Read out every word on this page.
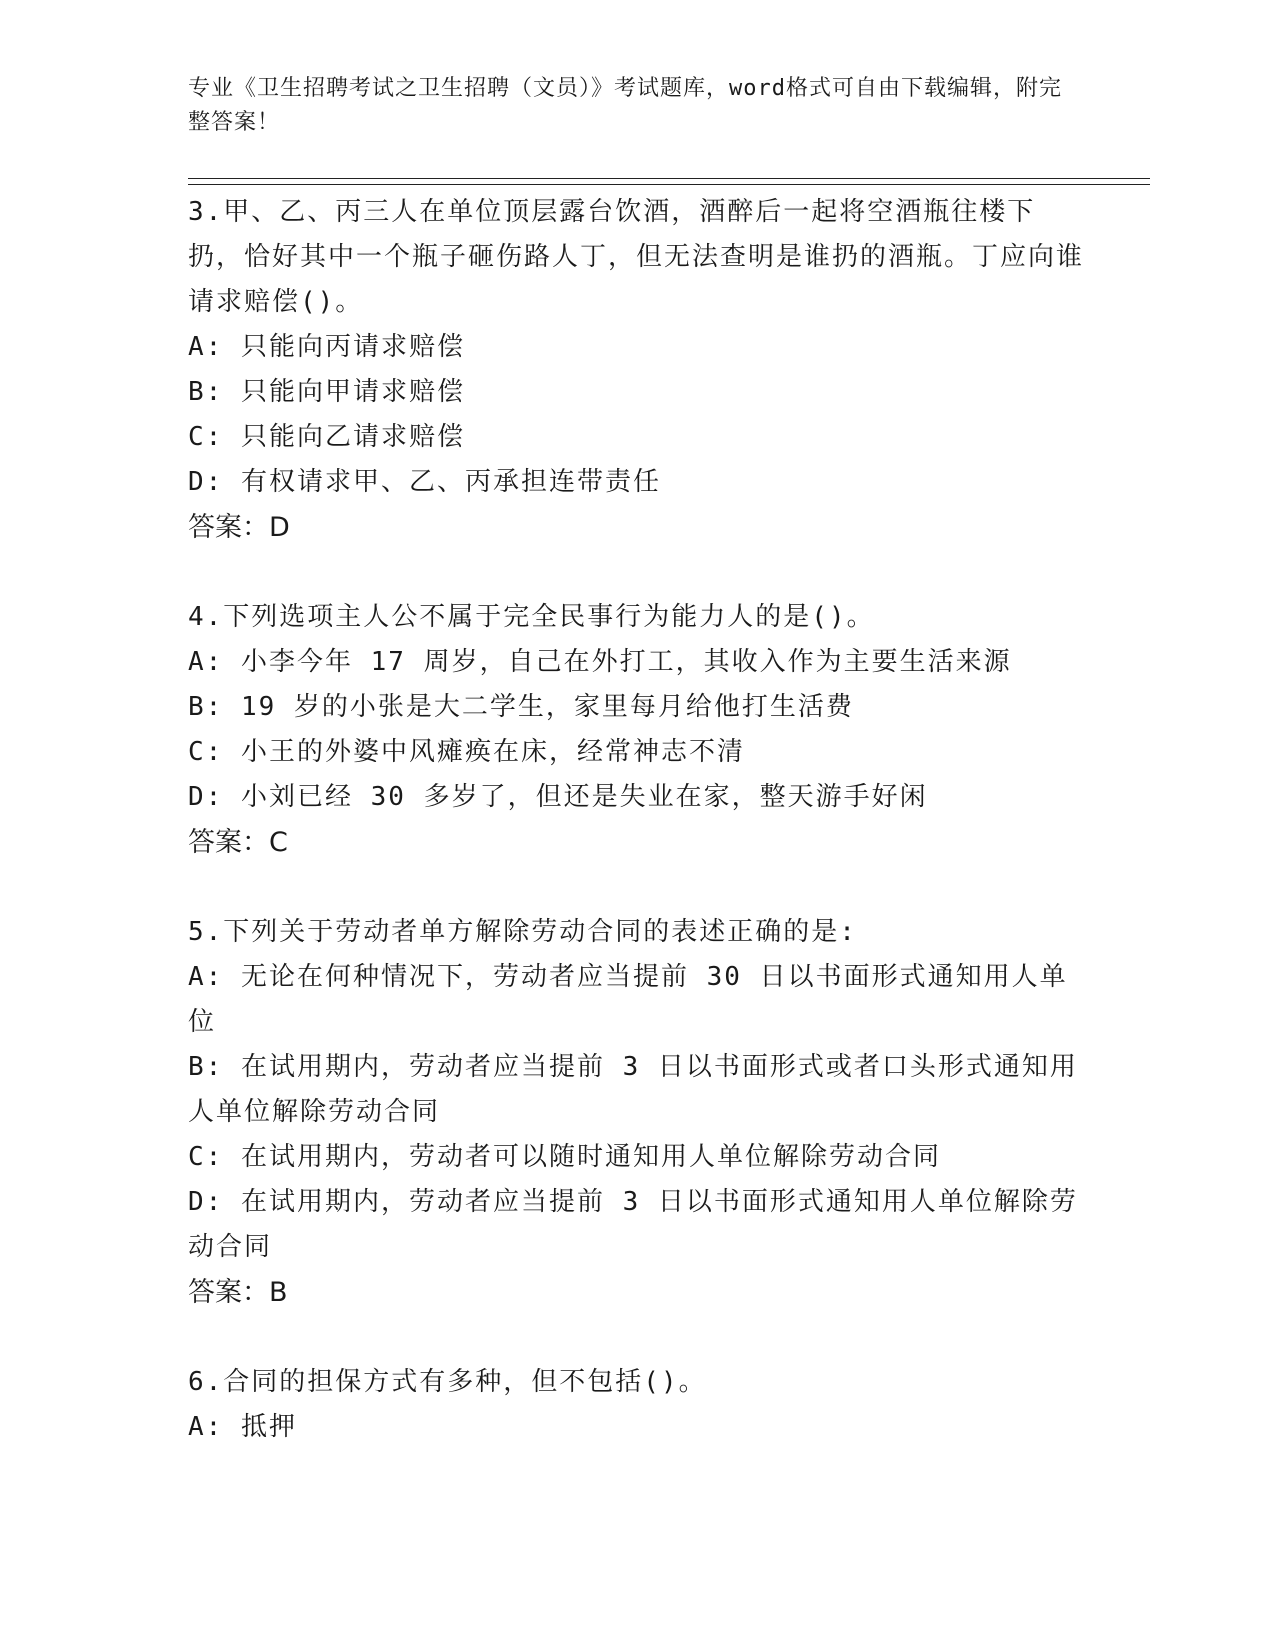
专业《卫生招聘考试之卫生招聘（文员）》考试题库，word格式可自由下载编辑，附完整答案！
3.甲、乙、丙三人在单位顶层露台饮酒，酒醉后一起将空酒瓶往楼下扔，恰好其中一个瓶子砸伤路人丁，但无法查明是谁扔的酒瓶。丁应向谁请求赔偿()。
A: 只能向丙请求赔偿
B: 只能向甲请求赔偿
C: 只能向乙请求赔偿
D: 有权请求甲、乙、丙承担连带责任
答案：D
4.下列选项主人公不属于完全民事行为能力人的是()。
A: 小李今年 17 周岁，自己在外打工，其收入作为主要生活来源
B: 19 岁的小张是大二学生，家里每月给他打生活费
C: 小王的外婆中风瘫痪在床，经常神志不清
D: 小刘已经 30 多岁了，但还是失业在家，整天游手好闲
答案：C
5.下列关于劳动者单方解除劳动合同的表述正确的是:
A: 无论在何种情况下，劳动者应当提前 30 日以书面形式通知用人单位
B: 在试用期内，劳动者应当提前 3 日以书面形式或者口头形式通知用人单位解除劳动合同
C: 在试用期内，劳动者可以随时通知用人单位解除劳动合同
D: 在试用期内，劳动者应当提前 3 日以书面形式通知用人单位解除劳动合同
答案：B
6.合同的担保方式有多种，但不包括()。
A: 抵押
